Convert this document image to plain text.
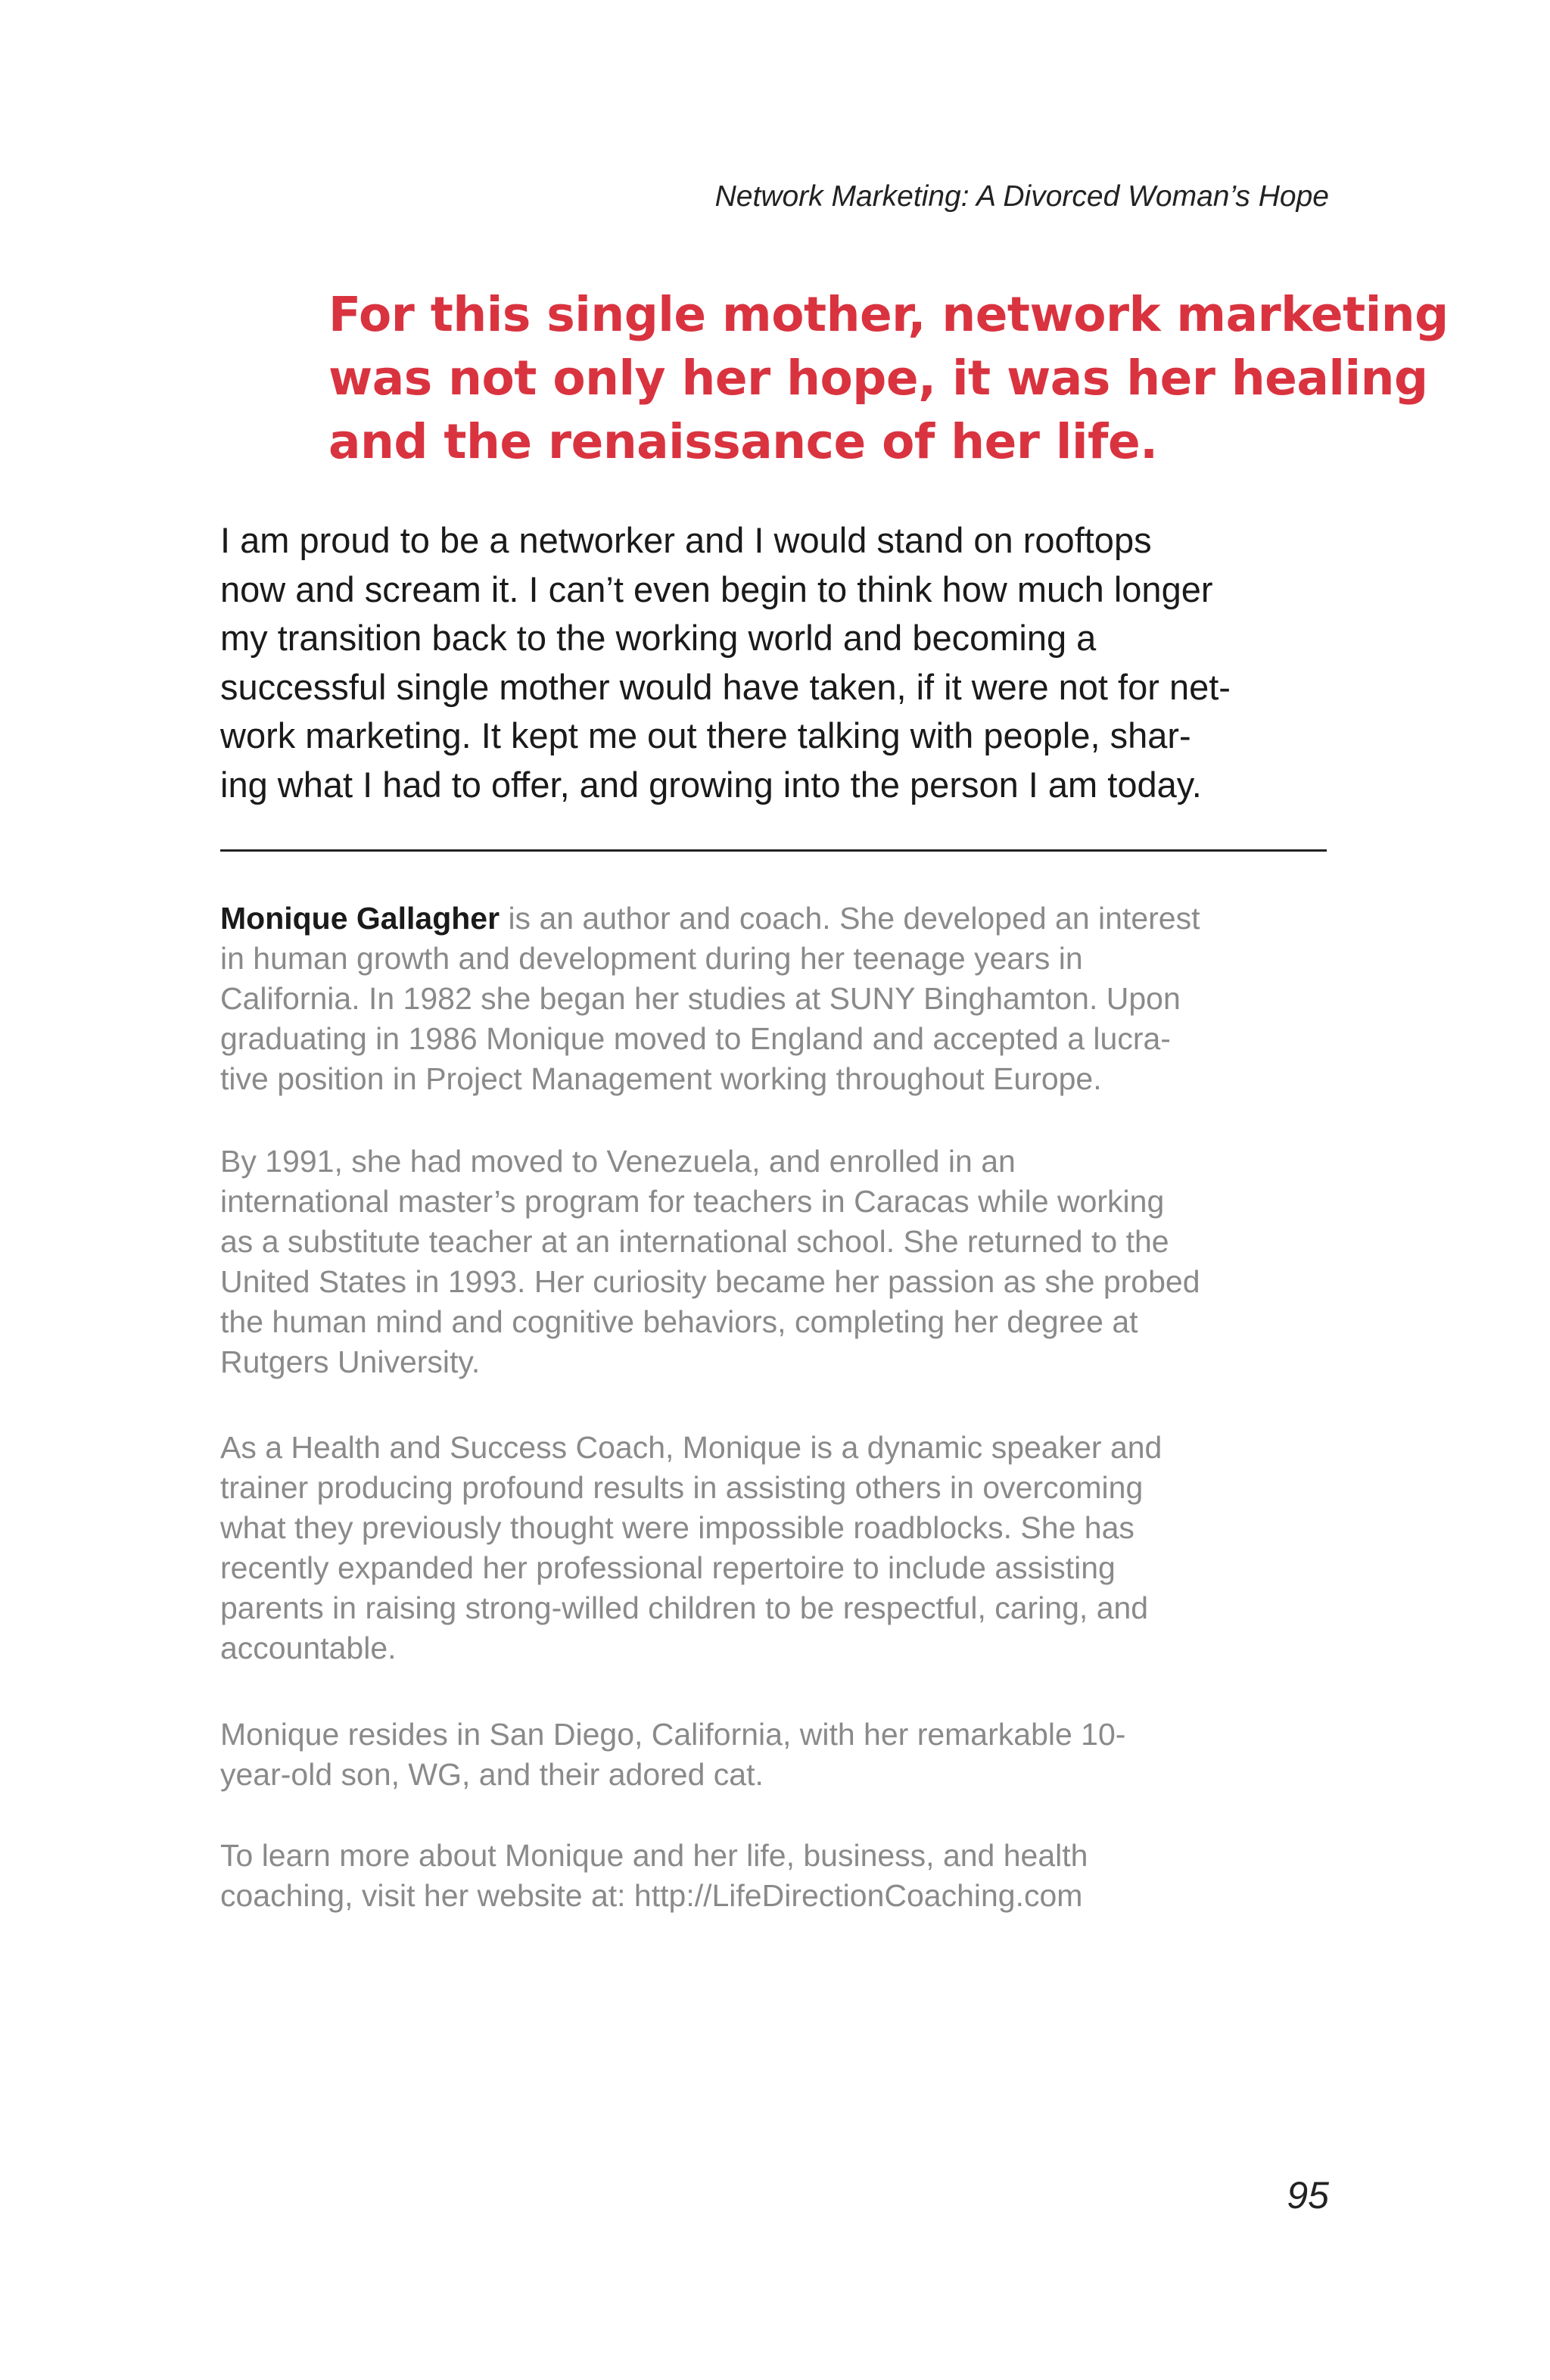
Network Marketing: A Divorced Woman’s Hope
For this single mother, network marketing
was not only her hope, it was her healing
and the renaissance of her life.

I am proud to be a networker and I would stand on rooftops
now and scream it. I can’t even begin to think how much longer
my transition back to the working world and becoming a
successful single mother would have taken, if it were not for net-
work marketing. It kept me out there talking with people, shar-
ing what I had to offer, and growing into the person I am today.

Monique Gallagher is an author and coach. She developed an interest
in human growth and development during her teenage years in
California. In 1982 she began her studies at SUNY Binghamton. Upon
graduating in 1986 Monique moved to England and accepted a lucra-
tive position in Project Management working throughout Europe.

By 1991, she had moved to Venezuela, and enrolled in an
international master’s program for teachers in Caracas while working
as a substitute teacher at an international school. She returned to the
United States in 1993. Her curiosity became her passion as she probed
the human mind and cognitive behaviors, completing her degree at
Rutgers University.

As a Health and Success Coach, Monique is a dynamic speaker and
trainer producing profound results in assisting others in overcoming
what they previously thought were impossible roadblocks. She has
recently expanded her professional repertoire to include assisting
parents in raising strong-willed children to be respectful, caring, and
accountable.

Monique resides in San Diego, California, with her remarkable 10-
year-old son, WG, and their adored cat.

To learn more about Monique and her life, business, and health
coaching, visit her website at: http://LifeDirectionCoaching.com

95
